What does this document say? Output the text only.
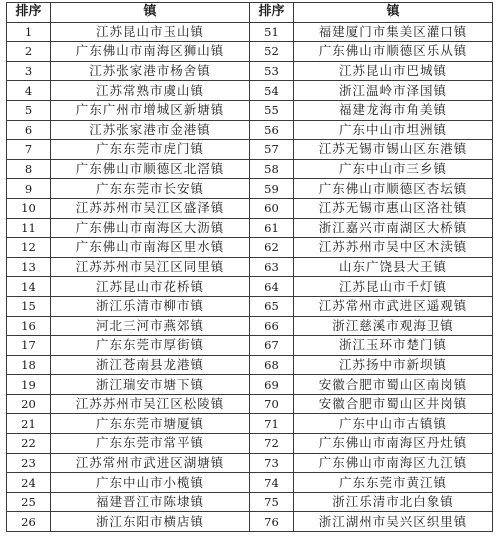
排序	镇	排序	镇
1	江苏昆山市玉山镇	51	福建厦门市集美区灌口镇
2	广东佛山市南海区狮山镇	52	广东佛山市顺德区乐从镇
3	江苏张家港市杨舍镇	53	江苏昆山市巴城镇
4	江苏常熟市虞山镇	54	浙江温岭市泽国镇
5	广东广州市增城区新塘镇	55	福建龙海市角美镇
6	江苏张家港市金港镇	56	广东中山市坦洲镇
7	广东东莞市虎门镇	57	江苏无锡市锡山区东港镇
8	广东佛山市顺德区北滘镇	58	广东中山市三乡镇
9	广东东莞市长安镇	59	广东佛山市顺德区杏坛镇
10	江苏苏州市吴江区盛泽镇	60	江苏无锡市惠山区洛社镇
11	广东佛山市南海区大沥镇	61	浙江嘉兴市南湖区大桥镇
12	广东佛山市南海区里水镇	62	江苏苏州市吴中区木渎镇
13	江苏苏州市吴江区同里镇	63	山东广饶县大王镇
14	江苏昆山市花桥镇	64	江苏昆山市千灯镇
15	浙江乐清市柳市镇	65	江苏常州市武进区遥观镇
16	河北三河市燕郊镇	66	浙江慈溪市观海卫镇
17	广东东莞市厚街镇	67	浙江玉环市楚门镇
18	浙江苍南县龙港镇	68	江苏扬中市新坝镇
19	浙江瑞安市塘下镇	69	安徽合肥市蜀山区南岗镇
20	江苏苏州市吴江区松陵镇	70	安徽合肥市蜀山区井岗镇
21	广东东莞市塘厦镇	71	广东中山市古镇镇
22	广东东莞市常平镇	72	广东佛山市南海区丹灶镇
23	江苏常州市武进区湖塘镇	73	广东佛山市南海区九江镇
24	广东中山市小榄镇	74	广东东莞市黄江镇
25	福建晋江市陈埭镇	75	浙江乐清市北白象镇
26	浙江东阳市横店镇	76	浙江湖州市吴兴区织里镇
